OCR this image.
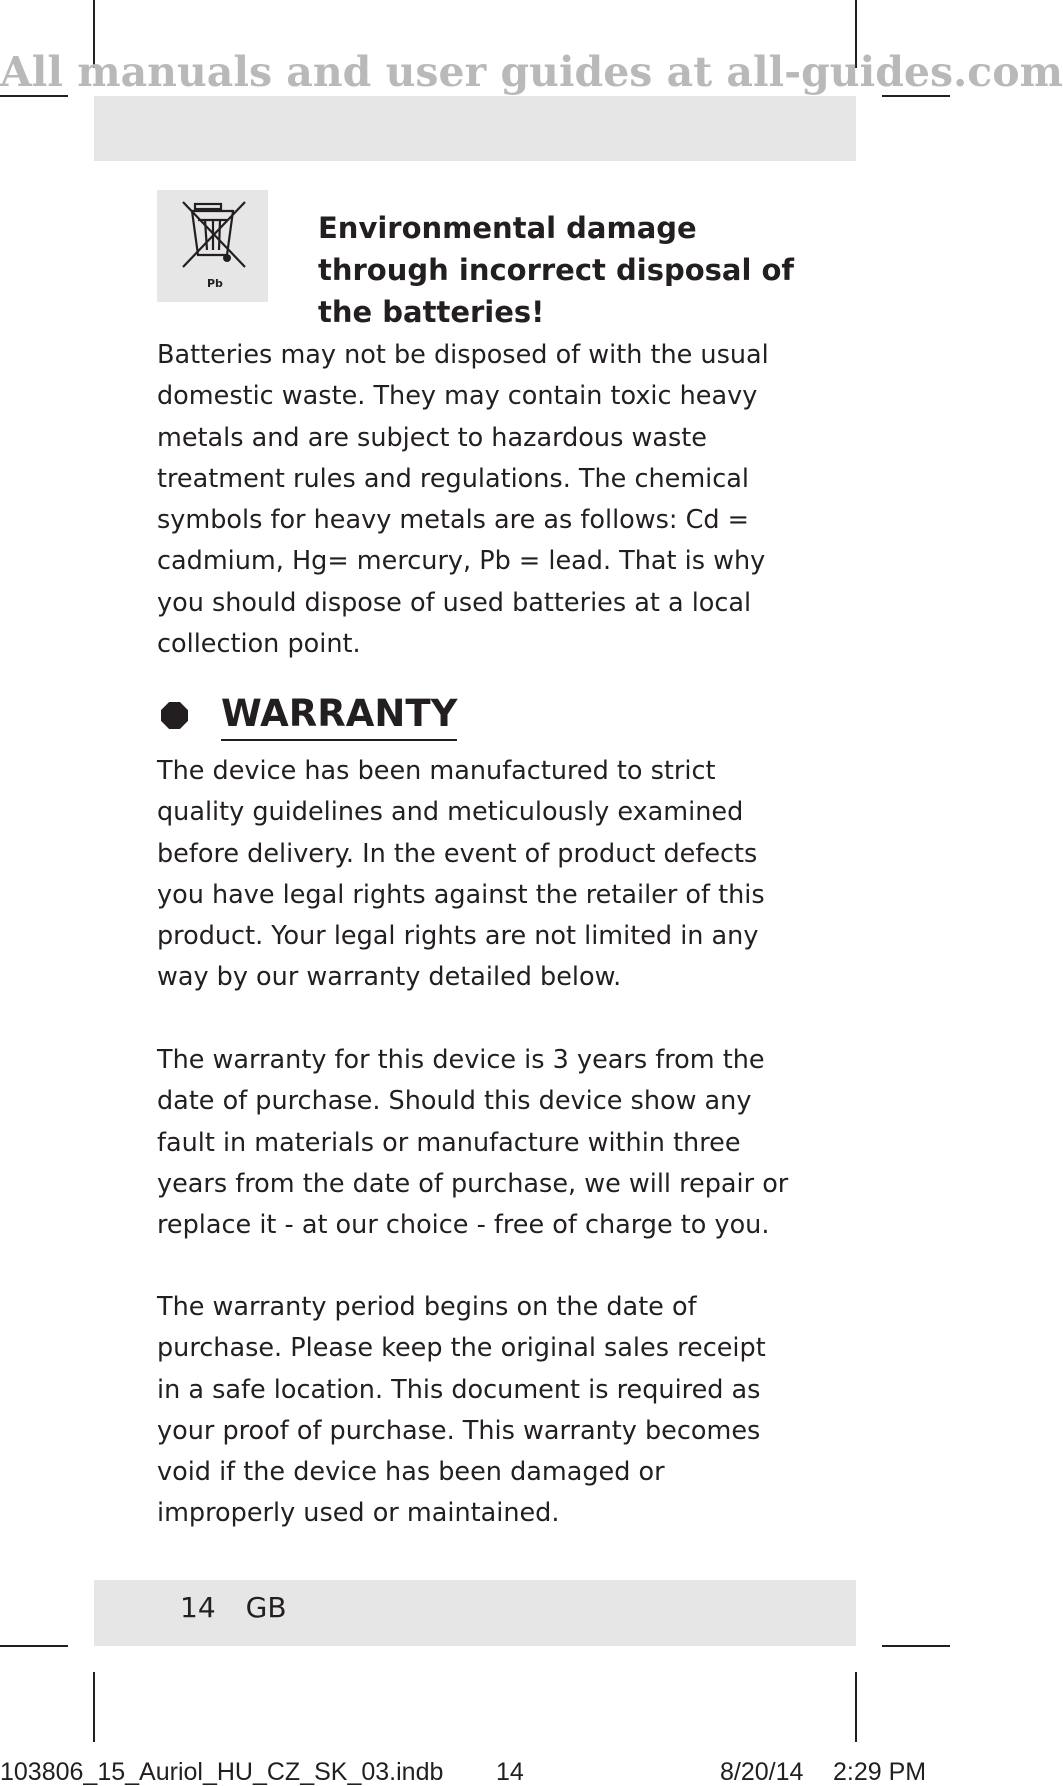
All manuals and user guides at all-guides.com
Pb
Environmental damage through incorrect disposal of the batteries!

Batteries may not be disposed of with the usual domestic waste. They may contain toxic heavy metals and are subject to hazardous waste treatment rules and regulations. The chemical symbols for heavy metals are as follows: Cd = cadmium, Hg= mercury, Pb = lead. That is why you should dispose of used batteries at a local collection point.

WARRANTY

The device has been manufactured to strict quality guidelines and meticulously examined before delivery. In the event of product defects you have legal rights against the retailer of this product. Your legal rights are not limited in any way by our warranty detailed below.

The warranty for this device is 3 years from the date of purchase. Should this device show any fault in materials or manufacture within three years from the date of purchase, we will repair or replace it - at our choice - free of charge to you.

The warranty period begins on the date of purchase. Please keep the original sales receipt in a safe location. This document is required as your proof of purchase. This warranty becomes void if the device has been damaged or improperly used or maintained.

14 GB
103806_15_Auriol_HU_CZ_SK_03.indb 14	8/20/14 2:29 PM
